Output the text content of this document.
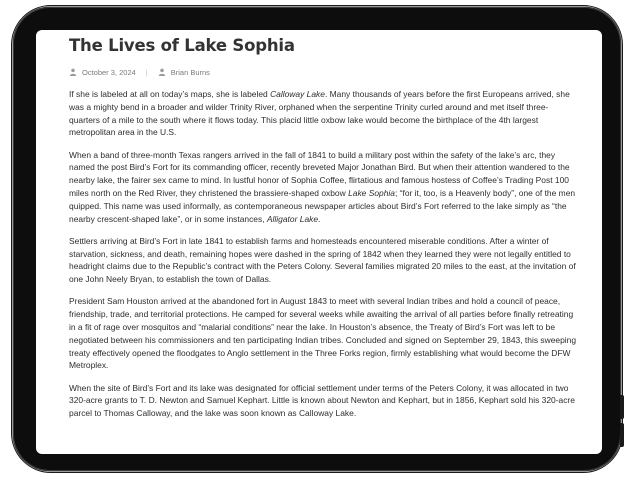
The Lives of Lake Sophia
October 3, 2024 |	Brian Burns

If she is labeled at all on today’s maps, she is labeled Calloway Lake. Many thousands of years before the first Europeans arrived, she was a mighty bend in a broader and wilder Trinity River, orphaned when the serpentine Trinity curled around and met itself three-quarters of a mile to the south where it flows today. This placid little oxbow lake would become the birthplace of the 4th largest metropolitan area in the U.S.

When a band of three-month Texas rangers arrived in the fall of 1841 to build a military post within the safety of the lake’s arc, they named the post Bird’s Fort for its commanding officer, recently breveted Major Jonathan Bird. But when their attention wandered to the nearby lake, the fairer sex came to mind. In lustful honor of Sophia Coffee, flirtatious and famous hostess of Coffee’s Trading Post 100 miles north on the Red River, they christened the brassiere-shaped oxbow Lake Sophia; “for it, too, is a Heavenly body”, one of the men quipped. This name was used informally, as contemporaneous newspaper articles about Bird’s Fort referred to the lake simply as “the nearby crescent-shaped lake”, or in some instances, Alligator Lake.

Settlers arriving at Bird’s Fort in late 1841 to establish farms and homesteads encountered miserable conditions. After a winter of starvation, sickness, and death, remaining hopes were dashed in the spring of 1842 when they learned they were not legally entitled to headright claims due to the Republic’s contract with the Peters Colony. Several families migrated 20 miles to the east, at the invitation of one John Neely Bryan, to establish the town of Dallas.

President Sam Houston arrived at the abandoned fort in August 1843 to meet with several Indian tribes and hold a council of peace, friendship, trade, and territorial protections. He camped for several weeks while awaiting the arrival of all parties before finally retreating in a fit of rage over mosquitos and “malarial conditions” near the lake. In Houston’s absence, the Treaty of Bird’s Fort was left to be negotiated between his commissioners and ten participating Indian tribes. Concluded and signed on September 29, 1843, this sweeping treaty effectively opened the floodgates to Anglo settlement in the Three Forks region, firmly establishing what would become the DFW Metroplex.

When the site of Bird’s Fort and its lake was designated for official settlement under terms of the Peters Colony, it was allocated in two 320-acre grants to T. D. Newton and Samuel Kephart. Little is known about Newton and Kephart, but in 1856, Kephart sold his 320-acre parcel to Thomas Calloway, and the lake was soon known as Calloway Lake.
